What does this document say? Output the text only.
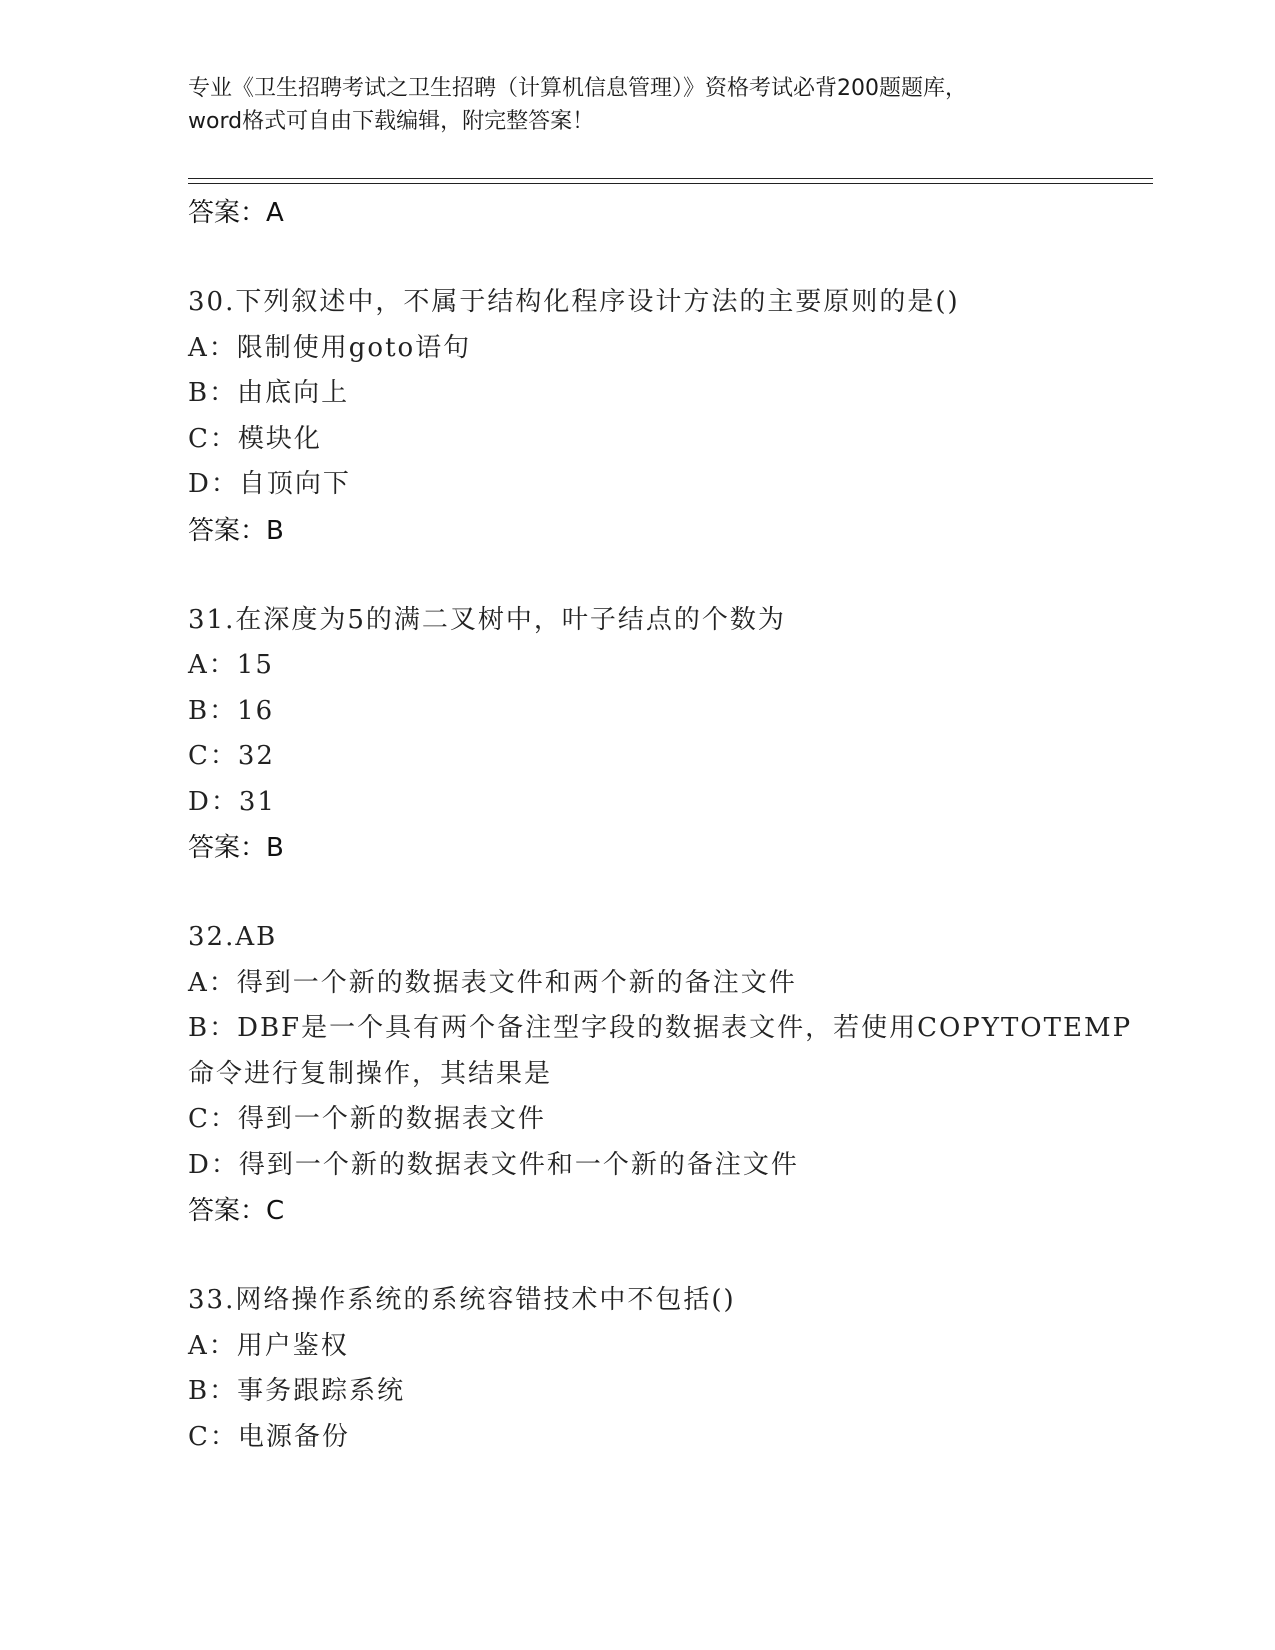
专业《卫生招聘考试之卫生招聘（计算机信息管理）》资格考试必背200题题库，
word格式可自由下载编辑，附完整答案！
答案：A
30.下列叙述中，不属于结构化程序设计方法的主要原则的是()
A：限制使用goto语句
B：由底向上
C：模块化
D：自顶向下
答案：B
31.在深度为5的满二叉树中，叶子结点的个数为
A：15
B：16
C：32
D：31
答案：B
32.AB
A：得到一个新的数据表文件和两个新的备注文件
B：DBF是一个具有两个备注型字段的数据表文件，若使用COPYTOTEMP
命令进行复制操作，其结果是
C：得到一个新的数据表文件
D：得到一个新的数据表文件和一个新的备注文件
答案：C
33.网络操作系统的系统容错技术中不包括()
A：用户鉴权
B：事务跟踪系统
C：电源备份
